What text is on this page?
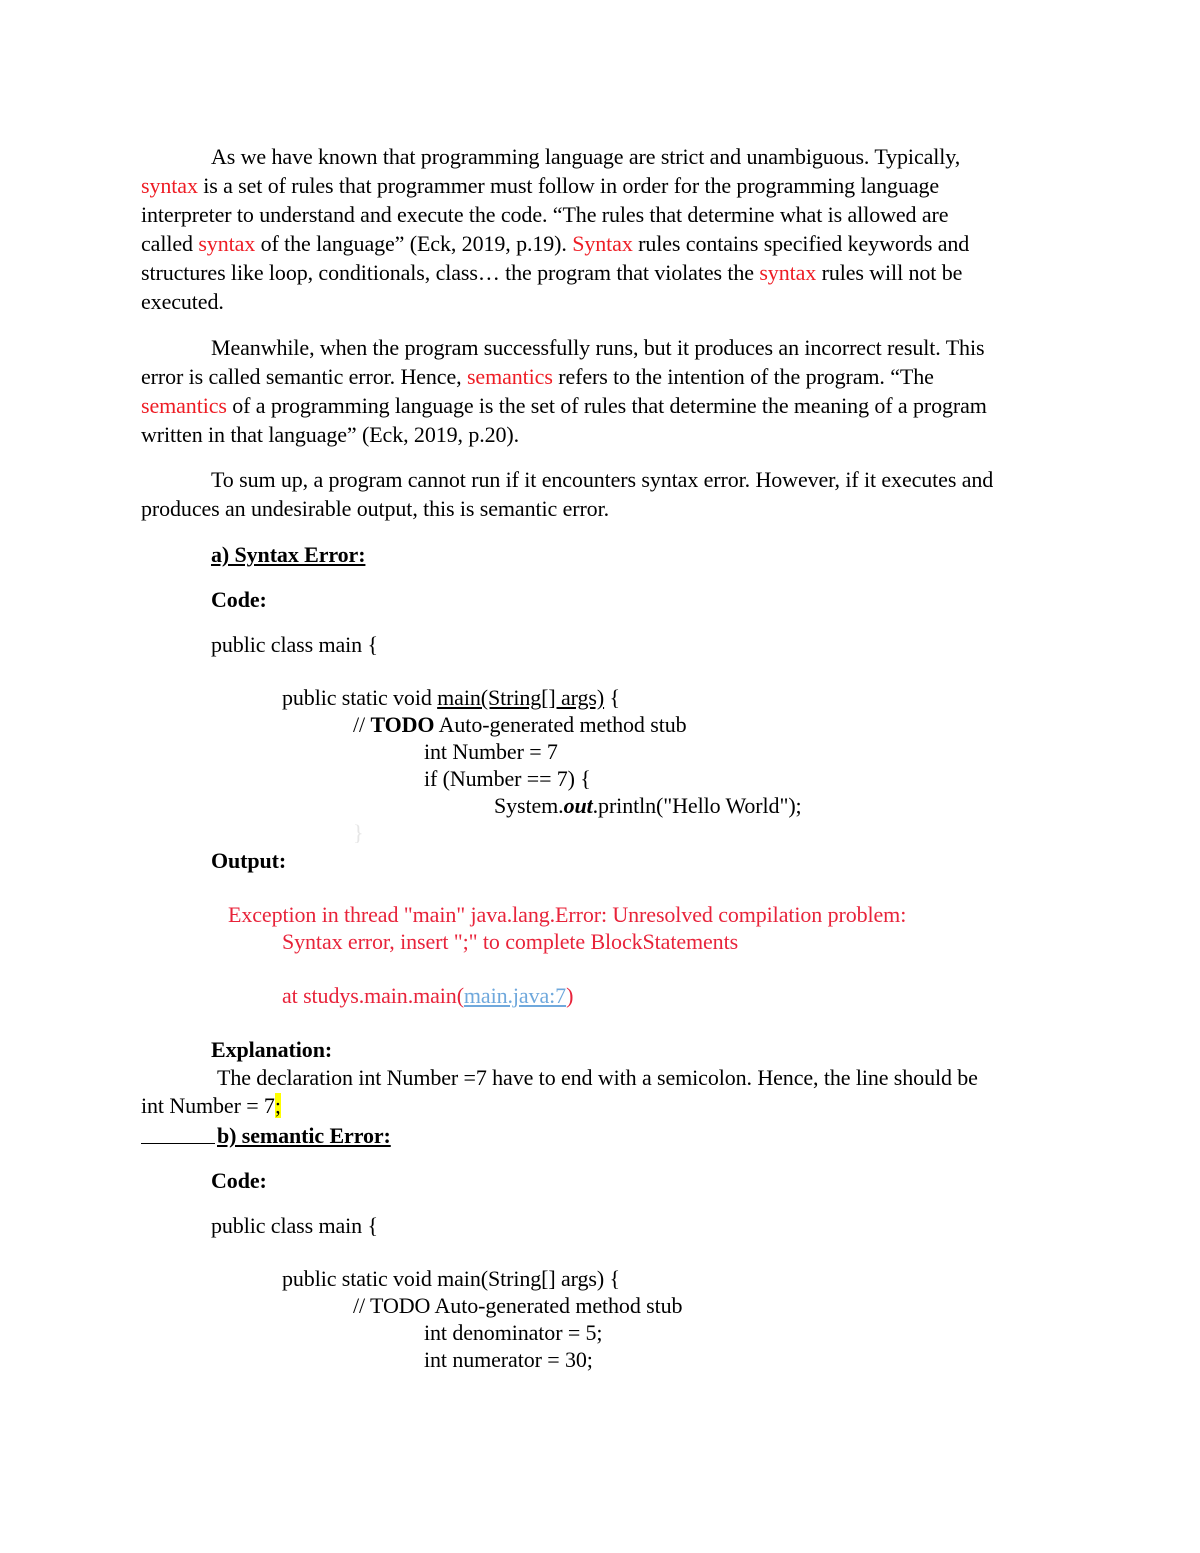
As we have known that programming language are strict and unambiguous. Typically,
syntax is a set of rules that programmer must follow in order for the programming language
interpreter to understand and execute the code. “The rules that determine what is allowed are
called syntax of the language” (Eck, 2019, p.19). Syntax rules contains specified keywords and
structures like loop, conditionals, class… the program that violates the syntax rules will not be
executed.
Meanwhile, when the program successfully runs, but it produces an incorrect result. This
error is called semantic error. Hence, semantics refers to the intention of the program. “The
semantics of a programming language is the set of rules that determine the meaning of a program
written in that language” (Eck, 2019, p.20).
To sum up, a program cannot run if it encounters syntax error. However, if it executes and
produces an undesirable output, this is semantic error.
a) Syntax Error:
Code:
public class main {
public static void main(String[] args) {
// TODO Auto-generated method stub
int Number = 7
if (Number == 7) {
System.out.println("Hello World");
}
Output:
Exception in thread "main" java.lang.Error: Unresolved compilation problem:
Syntax error, insert ";" to complete BlockStatements
at studys.main.main(main.java:7)
Explanation:
The declaration int Number =7 have to end with a semicolon. Hence, the line should be
int Number = 7;
b) semantic Error:
Code:
public class main {
public static void main(String[] args) {
// TODO Auto-generated method stub
int denominator = 5;
int numerator = 30;
